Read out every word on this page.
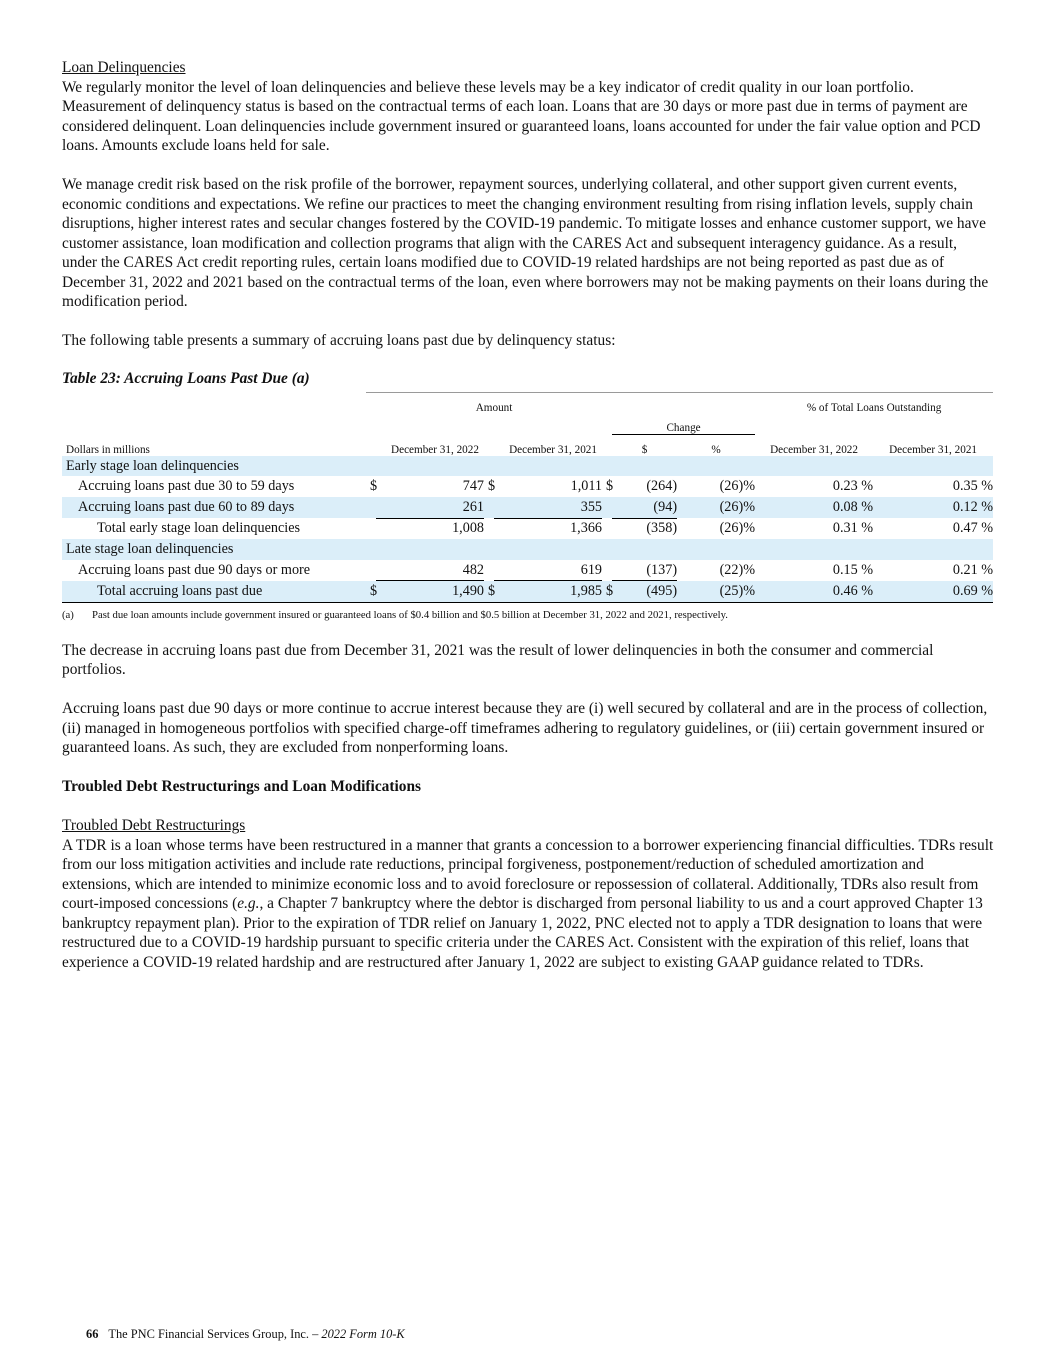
Loan Delinquencies

We regularly monitor the level of loan delinquencies and believe these levels may be a key indicator of credit quality in our loan portfolio. Measurement of delinquency status is based on the contractual terms of each loan. Loans that are 30 days or more past due in terms of payment are considered delinquent. Loan delinquencies include government insured or guaranteed loans, loans accounted for under the fair value option and PCD loans. Amounts exclude loans held for sale.

We manage credit risk based on the risk profile of the borrower, repayment sources, underlying collateral, and other support given current events, economic conditions and expectations. We refine our practices to meet the changing environment resulting from rising inflation levels, supply chain disruptions, higher interest rates and secular changes fostered by the COVID-19 pandemic. To mitigate losses and enhance customer support, we have customer assistance, loan modification and collection programs that align with the CARES Act and subsequent interagency guidance. As a result, under the CARES Act credit reporting rules, certain loans modified due to COVID-19 related hardships are not being reported as past due as of December 31, 2022 and 2021 based on the contractual terms of the loan, even where borrowers may not be making payments on their loans during the modification period.

The following table presents a summary of accruing loans past due by delinquency status:

Table 23: Accruing Loans Past Due (a)

		Amount						% of Total Loans Outstanding	
						Change			
Dollars in millions		December 31, 2022		December 31, 2021		$	%	December 31, 2022	December 31, 2021
Early stage loan delinquencies									
Accruing loans past due 30 to 59 days	$	747	$	1,011	$	(264)	(26)%	0.23 %	0.35 %
Accruing loans past due 60 to 89 days		261		355		(94)	(26)%	0.08 %	0.12 %
Total early stage loan delinquencies		1,008		1,366		(358)	(26)%	0.31 %	0.47 %
Late stage loan delinquencies									
Accruing loans past due 90 days or more		482		619		(137)	(22)%	0.15 %	0.21 %
Total accruing loans past due	$	1,490	$	1,985	$	(495)	(25)%	0.46 %	0.69 %
(a)	Past due loan amounts include government insured or guaranteed loans of $0.4 billion and $0.5 billion at December 31, 2022 and 2021, respectively.

The decrease in accruing loans past due from December 31, 2021 was the result of lower delinquencies in both the consumer and commercial portfolios.

Accruing loans past due 90 days or more continue to accrue interest because they are (i) well secured by collateral and are in the process of collection, (ii) managed in homogeneous portfolios with specified charge-off timeframes adhering to regulatory guidelines, or (iii) certain government insured or guaranteed loans. As such, they are excluded from nonperforming loans.

Troubled Debt Restructurings and Loan Modifications

Troubled Debt Restructurings

A TDR is a loan whose terms have been restructured in a manner that grants a concession to a borrower experiencing financial difficulties. TDRs result from our loss mitigation activities and include rate reductions, principal forgiveness, postponement/reduction of scheduled amortization and extensions, which are intended to minimize economic loss and to avoid foreclosure or repossession of collateral. Additionally, TDRs also result from court-imposed concessions (e.g., a Chapter 7 bankruptcy where the debtor is discharged from personal liability to us and a court approved Chapter 13 bankruptcy repayment plan). Prior to the expiration of TDR relief on January 1, 2022, PNC elected not to apply a TDR designation to loans that were restructured due to a COVID-19 hardship pursuant to specific criteria under the CARES Act. Consistent with the expiration of this relief, loans that experience a COVID-19 related hardship and are restructured after January 1, 2022 are subject to existing GAAP guidance related to TDRs.

66 The PNC Financial Services Group, Inc. – 2022 Form 10-K
